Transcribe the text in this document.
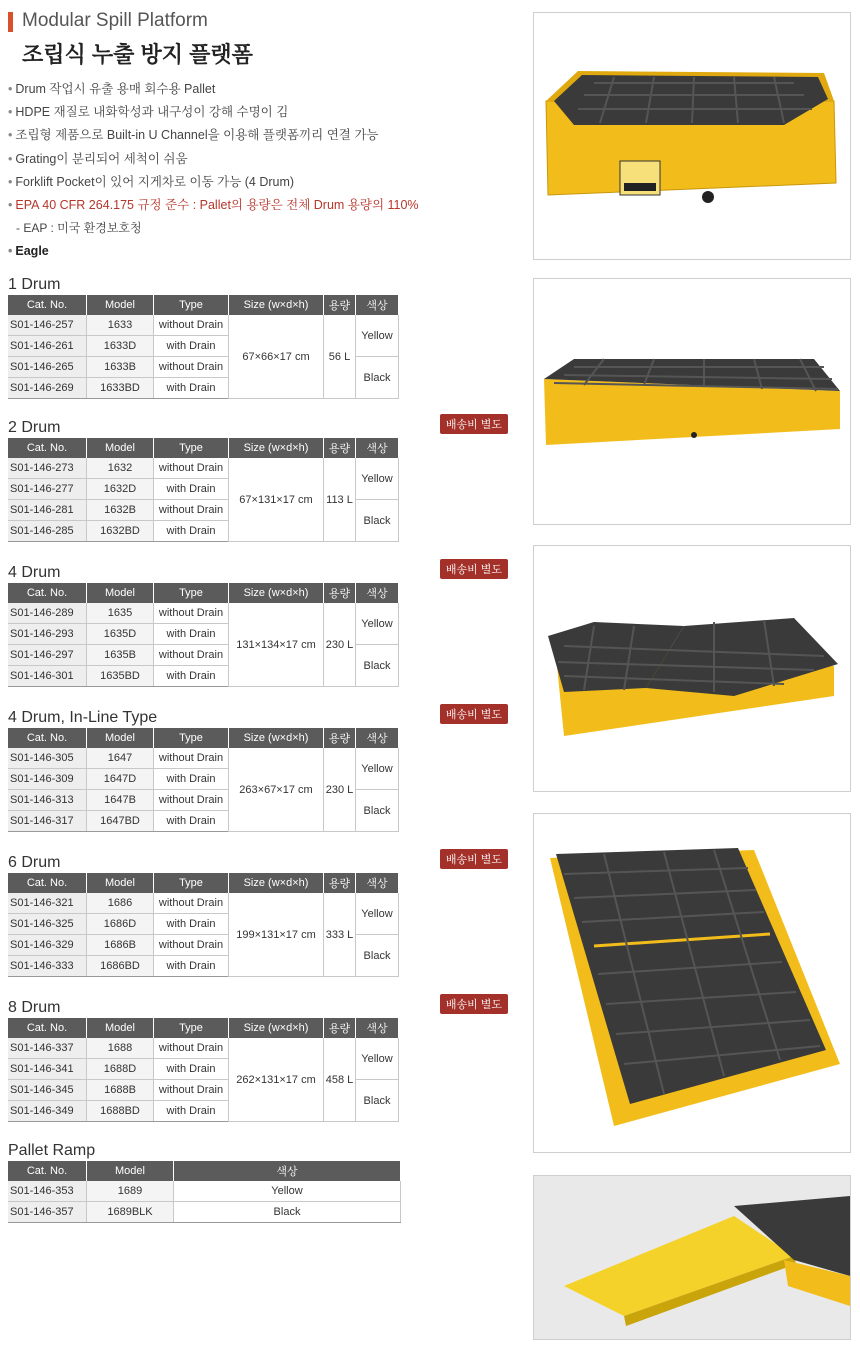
Modular Spill Platform
조립식 누출 방지 플랫폼
• Drum 작업시 유출 용매 회수용 Pallet
• HDPE 재질로 내화학성과 내구성이 강해 수명이 김
• 조립형 제품으로 Built-in U Channel을 이용해 플랫폼끼리 연결 가능
• Grating이 분리되어 세척이 쉬움
• Forklift Pocket이 있어 지게차로 이동 가능 (4 Drum)
• EPA 40 CFR 264.175 규정 준수 : Pallet의 용량은 전체 Drum 용량의 110%
- EAP : 미국 환경보호청
• Eagle
1 Drum
Cat. No.	Model	Type	Size (w×d×h)	용량	색상
S01-146-257	1633	without Drain	67×66×17 cm	56 L	Yellow
S01-146-261	1633D	with Drain			
S01-146-265	1633B	without Drain			Black
S01-146-269	1633BD	with Drain			
2 Drum	배송비 별도
Cat. No.	Model	Type	Size (w×d×h)	용량	색상
S01-146-273	1632	without Drain	67×131×17 cm	113 L	Yellow
S01-146-277	1632D	with Drain			
S01-146-281	1632B	without Drain			Black
S01-146-285	1632BD	with Drain			
4 Drum	배송비 별도
Cat. No.	Model	Type	Size (w×d×h)	용량	색상
S01-146-289	1635	without Drain	131×134×17 cm	230 L	Yellow
S01-146-293	1635D	with Drain			
S01-146-297	1635B	without Drain			Black
S01-146-301	1635BD	with Drain			
4 Drum, In-Line Type	배송비 별도
Cat. No.	Model	Type	Size (w×d×h)	용량	색상
S01-146-305	1647	without Drain	263×67×17 cm	230 L	Yellow
S01-146-309	1647D	with Drain			
S01-146-313	1647B	without Drain			Black
S01-146-317	1647BD	with Drain			
6 Drum	배송비 별도
Cat. No.	Model	Type	Size (w×d×h)	용량	색상
S01-146-321	1686	without Drain	199×131×17 cm	333 L	Yellow
S01-146-325	1686D	with Drain			
S01-146-329	1686B	without Drain			Black
S01-146-333	1686BD	with Drain			
8 Drum	배송비 별도
Cat. No.	Model	Type	Size (w×d×h)	용량	색상
S01-146-337	1688	without Drain	262×131×17 cm	458 L	Yellow
S01-146-341	1688D	with Drain			
S01-146-345	1688B	without Drain			Black
S01-146-349	1688BD	with Drain			
Pallet Ramp
Cat. No.	Model	색상
S01-146-353	1689	Yellow
S01-146-357	1689BLK	Black
